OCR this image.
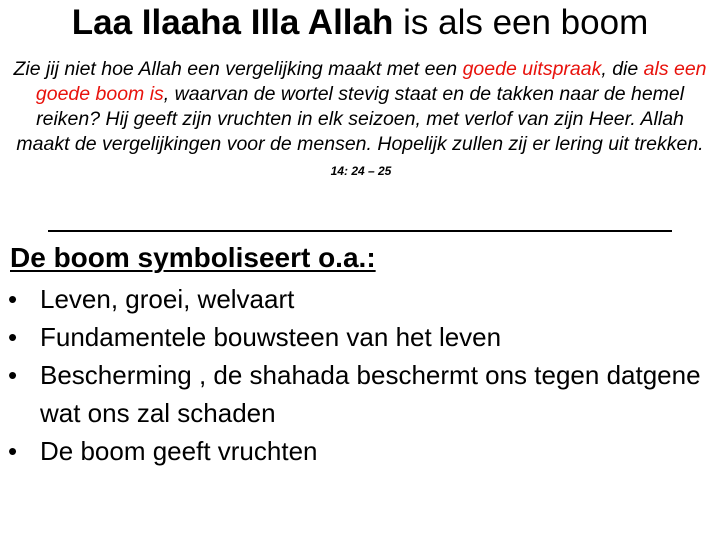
Laa Ilaaha Illa Allah is als een boom
Zie jij niet hoe Allah een vergelijking maakt met een goede uitspraak, die als een goede boom is, waarvan de wortel stevig staat en de takken naar de hemel reiken? Hij geeft zijn vruchten in elk seizoen, met verlof van zijn Heer. Allah maakt de vergelijkingen voor de mensen. Hopelijk zullen zij er lering uit trekken. 14: 24 – 25
De boom symboliseert o.a.:
• Leven, groei, welvaart
• Fundamentele bouwsteen van het leven
• Bescherming , de shahada beschermt ons tegen datgene wat ons zal schaden
• De boom geeft vruchten
